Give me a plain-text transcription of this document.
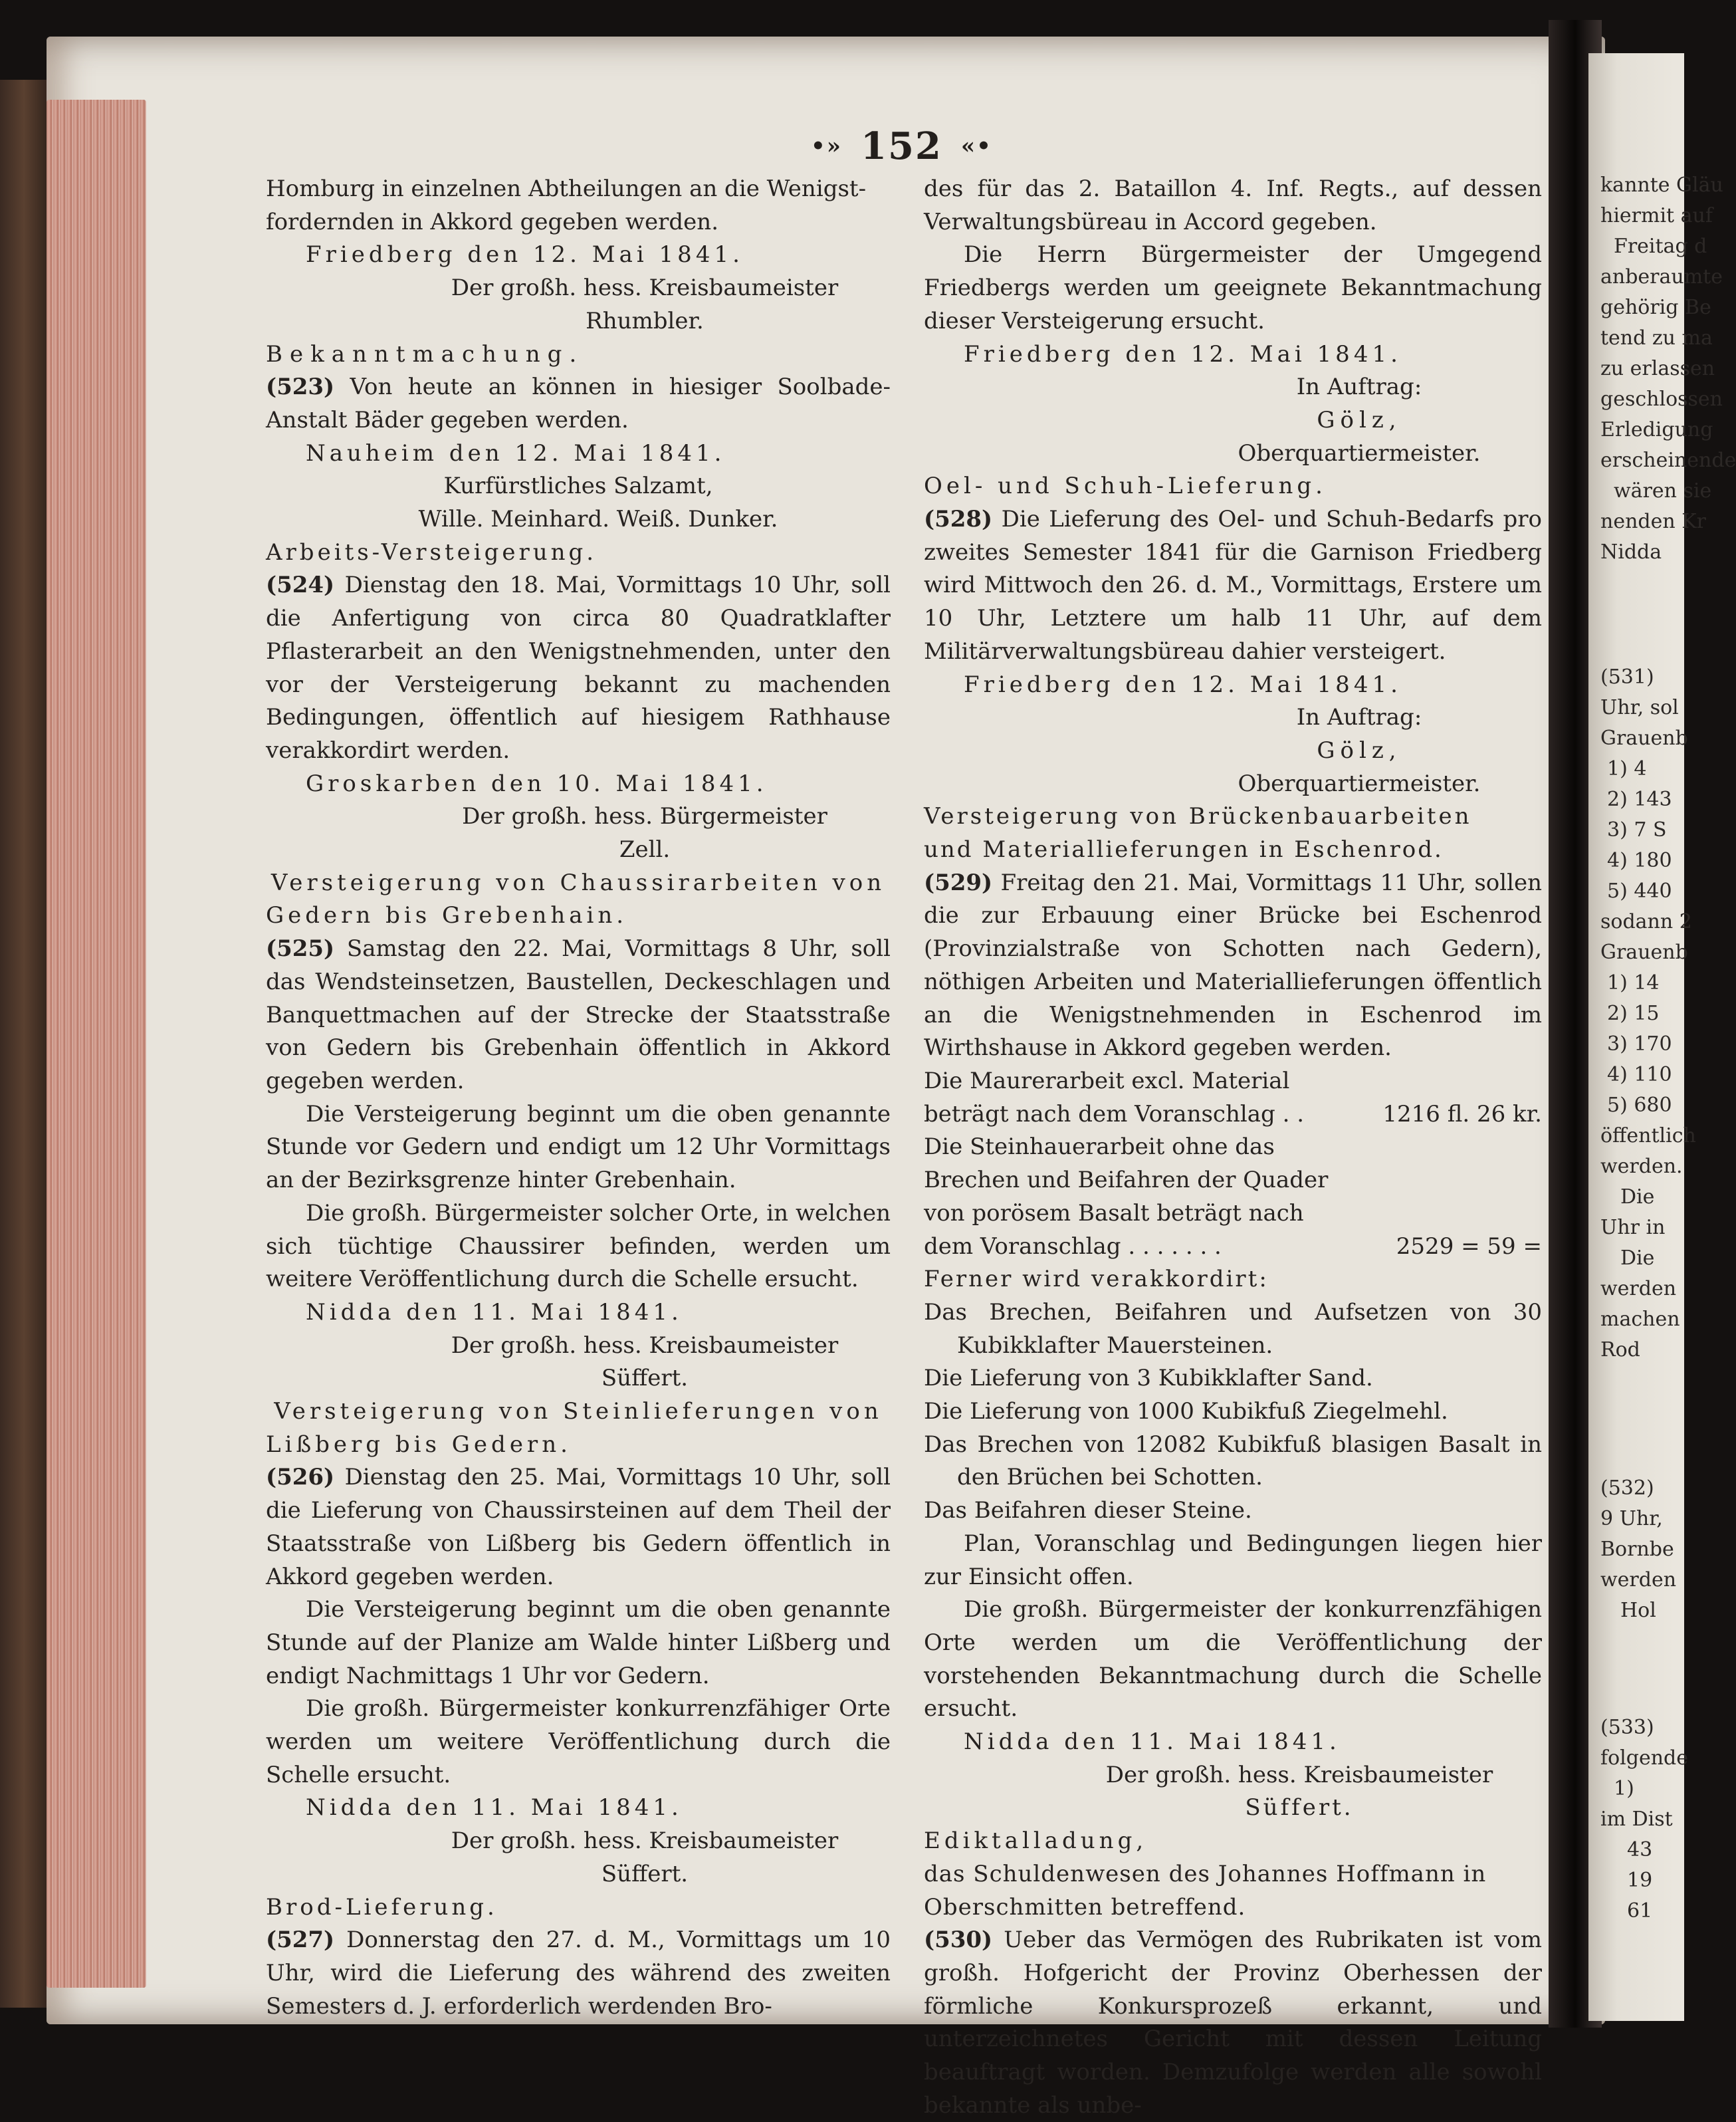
•» 152 «•

Homburg in einzelnen Abtheilungen an die Wenigst-

fordernden in Akkord gegeben werden.

Friedberg den 12. Mai 1841.

Der großh. hess. Kreisbaumeister

Rhumbler.

Bekanntmachung.

(523) Von heute an können in hiesiger Soolbade-Anstalt Bäder gegeben werden.

Nauheim den 12. Mai 1841.

Kurfürstliches Salzamt,

Wille. Meinhard. Weiß. Dunker.

Arbeits-Versteigerung.

(524) Dienstag den 18. Mai, Vormittags 10 Uhr, soll die Anfertigung von circa 80 Quadratklafter Pflasterarbeit an den Wenigstnehmenden, unter den vor der Versteigerung bekannt zu machenden Bedingungen, öffentlich auf hiesigem Rathhause verakkordirt werden.

Groskarben den 10. Mai 1841.

Der großh. hess. Bürgermeister

Zell.

Versteigerung von Chaussirarbeiten von Gedern bis Grebenhain.

(525) Samstag den 22. Mai, Vormittags 8 Uhr, soll das Wendsteinsetzen, Baustellen, Deckeschlagen und Banquettmachen auf der Strecke der Staatsstraße von Gedern bis Grebenhain öffentlich in Akkord gegeben werden.

Die Versteigerung beginnt um die oben genannte Stunde vor Gedern und endigt um 12 Uhr Vormittags an der Bezirksgrenze hinter Grebenhain.

Die großh. Bürgermeister solcher Orte, in welchen sich tüchtige Chaussirer befinden, werden um weitere Veröffentlichung durch die Schelle ersucht.

Nidda den 11. Mai 1841.

Der großh. hess. Kreisbaumeister

Süffert.

Versteigerung von Steinlieferungen von Lißberg bis Gedern.

(526) Dienstag den 25. Mai, Vormittags 10 Uhr, soll die Lieferung von Chaussirsteinen auf dem Theil der Staatsstraße von Lißberg bis Gedern öffentlich in Akkord gegeben werden.

Die Versteigerung beginnt um die oben genannte Stunde auf der Planize am Walde hinter Lißberg und endigt Nachmittags 1 Uhr vor Gedern.

Die großh. Bürgermeister konkurrenzfähiger Orte werden um weitere Veröffentlichung durch die Schelle ersucht.

Nidda den 11. Mai 1841.

Der großh. hess. Kreisbaumeister

Süffert.

Brod-Lieferung.

(527) Donnerstag den 27. d. M., Vormittags um 10 Uhr, wird die Lieferung des während des zweiten Semesters d. J. erforderlich werdenden Bro-

des für das 2. Bataillon 4. Inf. Regts., auf dessen Verwaltungsbüreau in Accord gegeben.

Die Herrn Bürgermeister der Umgegend Friedbergs werden um geeignete Bekanntmachung dieser Versteigerung ersucht.

Friedberg den 12. Mai 1841.

In Auftrag:

Gölz,

Oberquartiermeister.

Oel- und Schuh-Lieferung.

(528) Die Lieferung des Oel- und Schuh-Bedarfs pro zweites Semester 1841 für die Garnison Friedberg wird Mittwoch den 26. d. M., Vormittags, Erstere um 10 Uhr, Letztere um halb 11 Uhr, auf dem Militärverwaltungsbüreau dahier versteigert.

Friedberg den 12. Mai 1841.

In Auftrag:

Gölz,

Oberquartiermeister.

Versteigerung von Brückenbauarbeiten

und Materiallieferungen in Eschenrod.

(529) Freitag den 21. Mai, Vormittags 11 Uhr, sollen die zur Erbauung einer Brücke bei Eschenrod (Provinzialstraße von Schotten nach Gedern), nöthigen Arbeiten und Materiallieferungen öffentlich an die Wenigstnehmenden in Eschenrod im Wirthshause in Akkord gegeben werden.

Die Maurerarbeit excl. Material beträgt nach dem Voranschlag . .	1216 fl. 26 kr.
Die Steinhauerarbeit ohne das Brechen und Beifahren der Quader von porösem Basalt beträgt nach dem Voranschlag . . . . . . .	2529 = 59 =

Ferner wird verakkordirt:

Das Brechen, Beifahren und Aufsetzen von 30 Kubikklafter Mauersteinen.

Die Lieferung von 3 Kubikklafter Sand.

Die Lieferung von 1000 Kubikfuß Ziegelmehl.

Das Brechen von 12082 Kubikfuß blasigen Basalt in den Brüchen bei Schotten.

Das Beifahren dieser Steine.

Plan, Voranschlag und Bedingungen liegen hier zur Einsicht offen.

Die großh. Bürgermeister der konkurrenzfähigen Orte werden um die Veröffentlichung der vorstehenden Bekanntmachung durch die Schelle ersucht.

Nidda den 11. Mai 1841.

Der großh. hess. Kreisbaumeister

Süffert.

Ediktalladung,

das Schuldenwesen des Johannes Hoffmann in

Oberschmitten betreffend.

(530) Ueber das Vermögen des Rubrikaten ist vom großh. Hofgericht der Provinz Oberhessen der förmliche Konkursprozeß erkannt, und unterzeichnetes Gericht mit dessen Leitung beauftragt worden. Demzufolge werden alle sowohl bekannte als unbe-

kannte Gläu
hiermit auf
Freitag d
anberaumte
gehörig Be
tend zu ma
zu erlassen
geschlossen
Erledigung
erscheinende
wären sie
nenden Kr
Nidda
(531)
Uhr, sol
Grauenb
1) 4
2) 143
3) 7 S
4) 180
5) 440
sodann 2
Grauenb
1) 14
2) 15
3) 170
4) 110
5) 680
öffentlich
werden.
Die
Uhr in
Die
werden
machen
Rod
(532)
9 Uhr,
Bornbe
werden
Hol
(533)
folgende
1)
im Dist
43
19
61
